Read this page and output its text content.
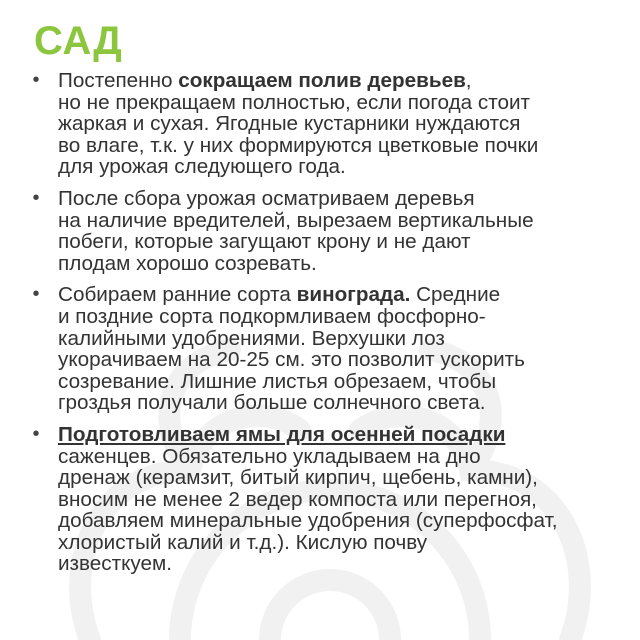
САД
• Постепенно сокращаем полив деревьев,
но не прекращаем полностью, если погода стоит
жаркая и сухая. Ягодные кустарники нуждаются
во влаге, т.к. у них формируются цветковые почки
для урожая следующего года.
• После сбора урожая осматриваем деревья
на наличие вредителей, вырезаем вертикальные
побеги, которые загущают крону и не дают
плодам хорошо созревать.
• Собираем ранние сорта винограда. Средние
и поздние сорта подкормливаем фосфорно-
калийными удобрениями. Верхушки лоз
укорачиваем на 20-25 см. это позволит ускорить
созревание. Лишние листья обрезаем, чтобы
гроздья получали больше солнечного света.
• Подготовливаем ямы для осенней посадки
саженцев. Обязательно укладываем на дно
дренаж (керамзит, битый кирпич, щебень, камни),
вносим не менее 2 ведер компоста или перегноя,
добавляем минеральные удобрения (суперфосфат,
хлористый калий и т.д.). Кислую почву
известкуем.
